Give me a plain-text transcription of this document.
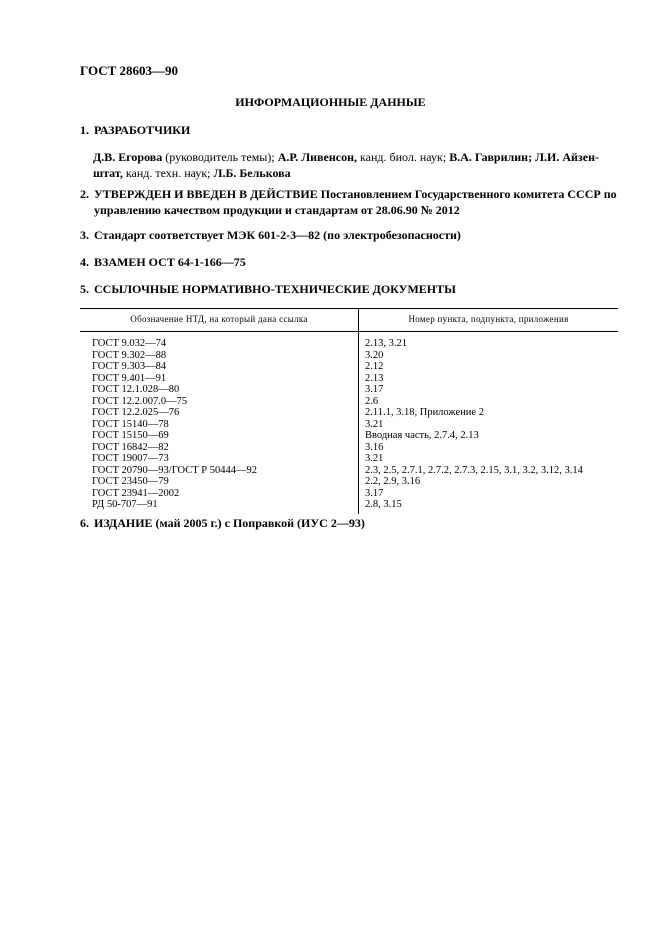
ГОСТ 28603—90
ИНФОРМАЦИОННЫЕ ДАННЫЕ
1. РАЗРАБОТЧИКИ
Д.В. Егорова (руководитель темы); А.Р. Ливенсон, канд. биол. наук; В.А. Гаврилин; Л.И. Айзен-
штат, канд. техн. наук; Л.Б. Белькова
2. УТВЕРЖДЕН И ВВЕДЕН В ДЕЙСТВИЕ Постановлением Государственного комитета СССР по
управлению качеством продукции и стандартам от 28.06.90 № 2012
3. Стандарт соответствует МЭК 601-2-3—82 (по электробезопасности)
4. ВЗАМЕН ОСТ 64-1-166—75
5. ССЫЛОЧНЫЕ НОРМАТИВНО-ТЕХНИЧЕСКИЕ ДОКУМЕНТЫ
Обозначение НТД, на который дана ссылка	Номер пункта, подпункта, приложения

ГОСТ 9.032—74	2.13, 3.21
ГОСТ 9.302—88	3.20
ГОСТ 9.303—84	2.12
ГОСТ 9.401—91	2.13
ГОСТ 12.1.028—80	3.17
ГОСТ 12.2.007.0—75	2.6
ГОСТ 12.2.025—76	2.11.1, 3.18, Приложение 2
ГОСТ 15140—78	3.21
ГОСТ 15150—69	Вводная часть, 2.7.4, 2.13
ГОСТ 16842—82	3.16
ГОСТ 19007—73	3.21
ГОСТ 20790—93/ГОСТ Р 50444—92	2.3, 2.5, 2.7.1, 2.7.2, 2.7.3, 2.15, 3.1, 3.2, 3.12, 3.14
ГОСТ 23450—79	2.2, 2.9, 3.16
ГОСТ 23941—2002	3.17
РД 50-707—91	2.8, 3.15

6. ИЗДАНИЕ (май 2005 г.) с Поправкой (ИУС 2—93)
